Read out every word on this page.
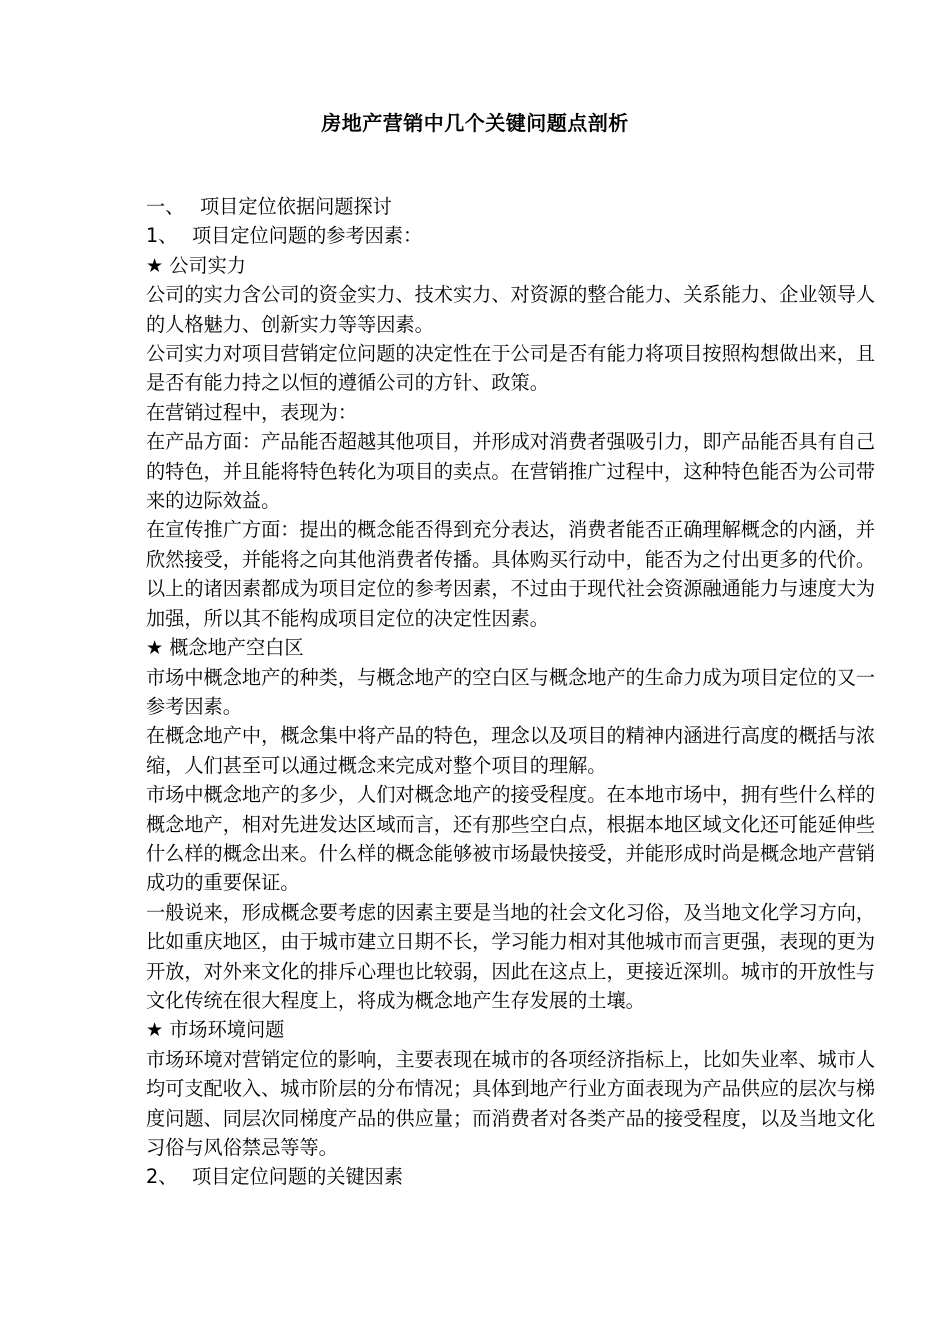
房地产营销中几个关键问题点剖析

一、 项目定位依据问题探讨

1、 项目定位问题的参考因素：

★ 公司实力

公司的实力含公司的资金实力、技术实力、对资源的整合能力、关系能力、企业领导人的人格魅力、创新实力等等因素。

公司实力对项目营销定位问题的决定性在于公司是否有能力将项目按照构想做出来，且是否有能力持之以恒的遵循公司的方针、政策。

在营销过程中，表现为：

在产品方面：产品能否超越其他项目，并形成对消费者强吸引力，即产品能否具有自己的特色，并且能将特色转化为项目的卖点。在营销推广过程中，这种特色能否为公司带来的边际效益。

在宣传推广方面：提出的概念能否得到充分表达，消费者能否正确理解概念的内涵，并欣然接受，并能将之向其他消费者传播。具体购买行动中，能否为之付出更多的代价。

以上的诸因素都成为项目定位的参考因素，不过由于现代社会资源融通能力与速度大为加强，所以其不能构成项目定位的决定性因素。

★ 概念地产空白区

市场中概念地产的种类，与概念地产的空白区与概念地产的生命力成为项目定位的又一参考因素。

在概念地产中，概念集中将产品的特色，理念以及项目的精神内涵进行高度的概括与浓缩，人们甚至可以通过概念来完成对整个项目的理解。

市场中概念地产的多少，人们对概念地产的接受程度。在本地市场中，拥有些什么样的概念地产，相对先进发达区域而言，还有那些空白点，根据本地区域文化还可能延伸些什么样的概念出来。什么样的概念能够被市场最快接受，并能形成时尚是概念地产营销成功的重要保证。

一般说来，形成概念要考虑的因素主要是当地的社会文化习俗，及当地文化学习方向，比如重庆地区，由于城市建立日期不长，学习能力相对其他城市而言更强，表现的更为开放，对外来文化的排斥心理也比较弱，因此在这点上，更接近深圳。城市的开放性与文化传统在很大程度上，将成为概念地产生存发展的土壤。

★ 市场环境问题

市场环境对营销定位的影响，主要表现在城市的各项经济指标上，比如失业率、城市人均可支配收入、城市阶层的分布情况；具体到地产行业方面表现为产品供应的层次与梯度问题、同层次同梯度产品的供应量；而消费者对各类产品的接受程度，以及当地文化习俗与风俗禁忌等等。

2、 项目定位问题的关键因素
